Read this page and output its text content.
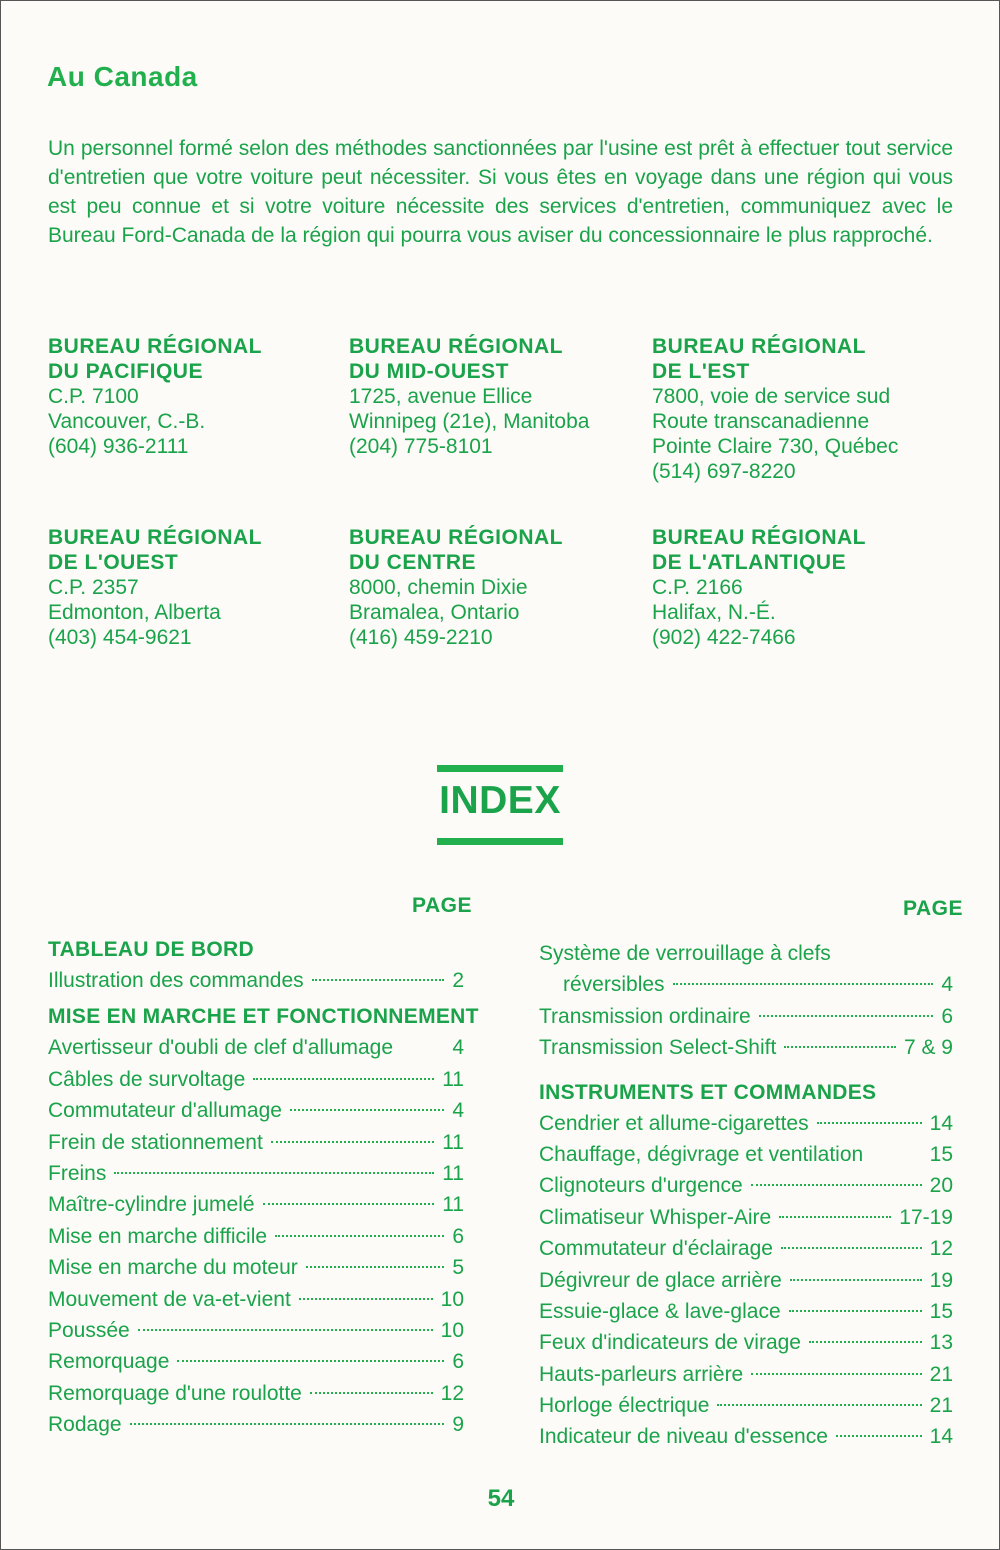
Au Canada
Un personnel formé selon des méthodes sanctionnées par l'usine est prêt à effectuer tout service d'entretien que votre voiture peut nécessiter. Si vous êtes en voyage dans une région qui vous est peu connue et si votre voiture nécessite des services d'entretien, communiquez avec le Bureau Ford-Canada de la région qui pourra vous aviser du concessionnaire le plus rapproché.
BUREAU RÉGIONAL
DU PACIFIQUE
C.P. 7100
Vancouver, C.-B.
(604) 936-2111
BUREAU RÉGIONAL
DU MID-OUEST
1725, avenue Ellice
Winnipeg (21e), Manitoba
(204) 775-8101
BUREAU RÉGIONAL
DE L'EST
7800, voie de service sud
Route transcanadienne
Pointe Claire 730, Québec
(514) 697-8220
BUREAU RÉGIONAL
DE L'OUEST
C.P. 2357
Edmonton, Alberta
(403) 454-9621
BUREAU RÉGIONAL
DU CENTRE
8000, chemin Dixie
Bramalea, Ontario
(416) 459-2210
BUREAU RÉGIONAL
DE L'ATLANTIQUE
C.P. 2166
Halifax, N.-É.
(902) 422-7466
INDEX
PAGE	PAGE
TABLEAU DE BORD
Illustration des commandes	2
MISE EN MARCHE ET FONCTIONNEMENT
Avertisseur d'oubli de clef d'allumage	4
Câbles de survoltage	11
Commutateur d'allumage	4
Frein de stationnement	11
Freins	11
Maître-cylindre jumelé	11
Mise en marche difficile	6
Mise en marche du moteur	5
Mouvement de va-et-vient	10
Poussée	10
Remorquage	6
Remorquage d'une roulotte	12
Rodage	9
Système de verrouillage à clefs
réversibles	4
Transmission ordinaire	6
Transmission Select-Shift	7 & 9
INSTRUMENTS ET COMMANDES
Cendrier et allume-cigarettes	14
Chauffage, dégivrage et ventilation	15
Clignoteurs d'urgence	20
Climatiseur Whisper-Aire	17-19
Commutateur d'éclairage	12
Dégivreur de glace arrière	19
Essuie-glace & lave-glace	15
Feux d'indicateurs de virage	13
Hauts-parleurs arrière	21
Horloge électrique	21
Indicateur de niveau d'essence	14
54
